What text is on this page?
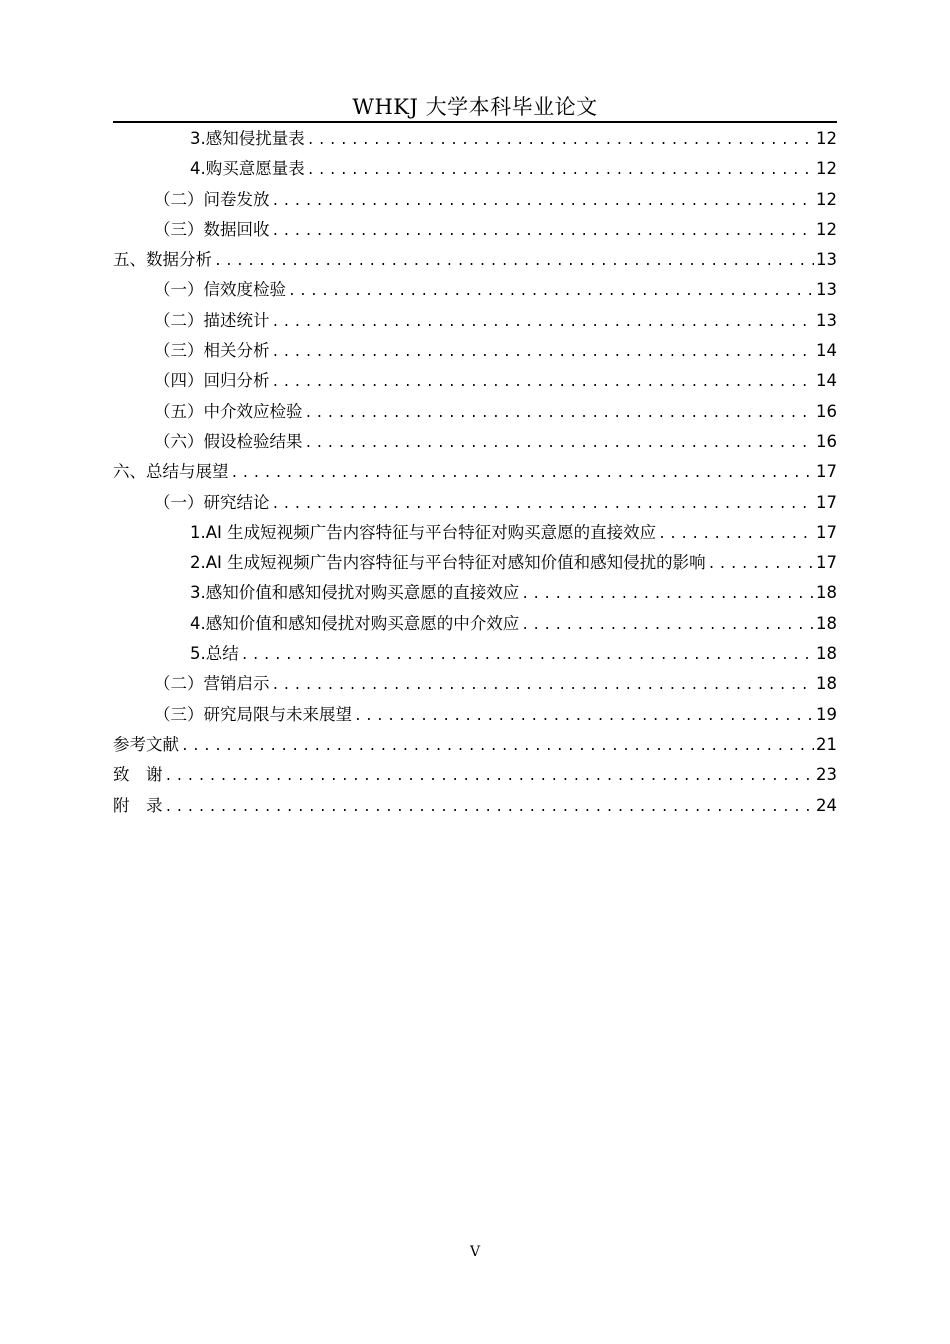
WHKJ 大学本科毕业论文
3.感知侵扰量表 .....	12
4.购买意愿量表 .....	12
（二）问卷发放 .....	12
（三）数据回收 .....	12
五、数据分析 .....	13
（一）信效度检验 .....	13
（二）描述统计 .....	13
（三）相关分析 .....	14
（四）回归分析 .....	14
（五）中介效应检验 .....	16
（六）假设检验结果 .....	16
六、总结与展望 .....	17
（一）研究结论 .....	17
1.AI 生成短视频广告内容特征与平台特征对购买意愿的直接效应 .....	17
2.AI 生成短视频广告内容特征与平台特征对感知价值和感知侵扰的影响 .....	17
3.感知价值和感知侵扰对购买意愿的直接效应 .....	18
4.感知价值和感知侵扰对购买意愿的中介效应 .....	18
5.总结 .....	18
（二）营销启示 .....	18
（三）研究局限与未来展望 .....	19
参考文献 .....	21
致　谢 .....	23
附　录 .....	24
V
